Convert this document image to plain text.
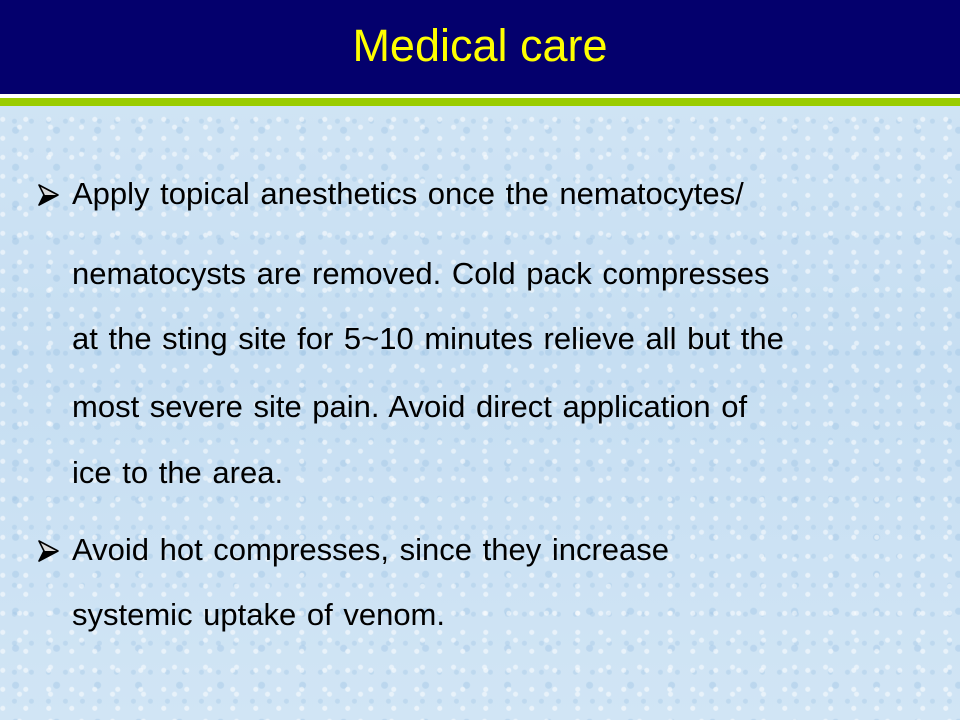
Medical care
Apply topical anesthetics once the nematocytes/
nematocysts are removed. Cold pack compresses
at the sting site for 5~10 minutes relieve all but the
most severe site pain. Avoid direct application of
ice to the area.
Avoid hot compresses, since they increase
systemic uptake of venom.
